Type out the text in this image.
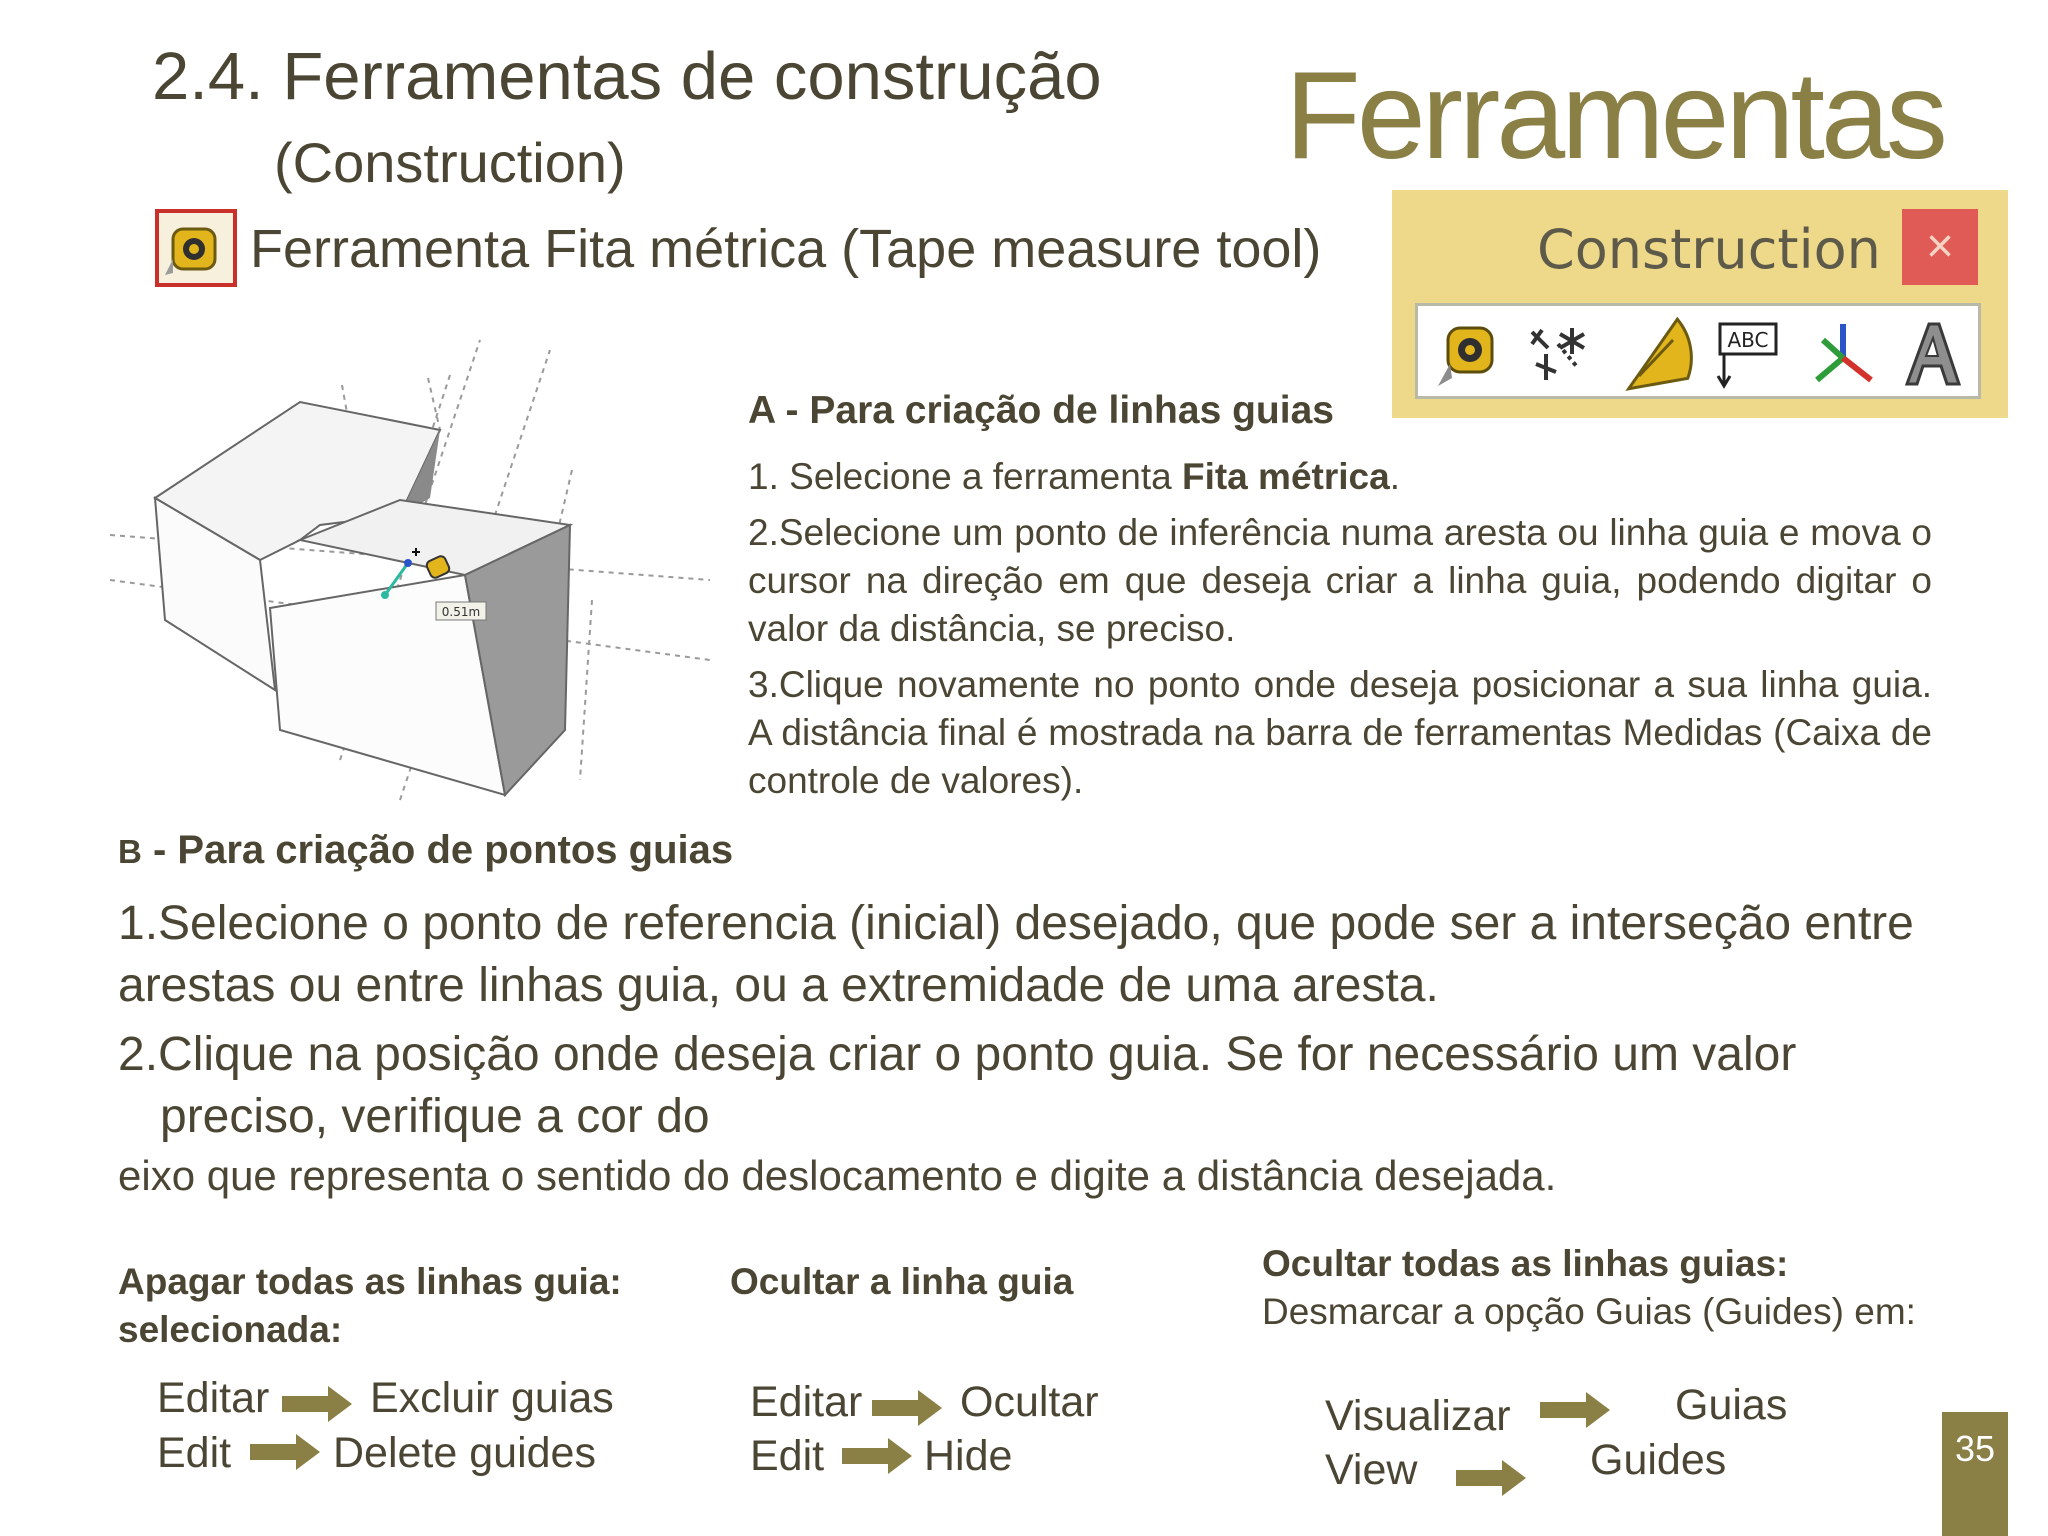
2.4. Ferramentas de construção
(Construction)	Ferramentas
Ferramenta Fita métrica (Tape measure tool)	Construction ×
ABC
0.51m
A - Para criação de linhas guias
1. Selecione a ferramenta Fita métrica.
2.Selecione um ponto de inferência numa aresta ou linha guia e mova o cursor na direção em que deseja criar a linha guia, podendo digitar o valor da distância, se preciso.
3.Clique novamente no ponto onde deseja posicionar a sua linha guia. A distância final é mostrada na barra de ferramentas Medidas (Caixa de controle de valores).
B - Para criação de pontos guias
1.Selecione o ponto de referencia (inicial) desejado, que pode ser a interseção entre arestas ou entre linhas guia, ou a extremidade de uma aresta.
2.Clique na posição onde deseja criar o ponto guia. Se for necessário um valor
preciso, verifique a cor do
eixo que representa o sentido do deslocamento e digite a distância desejada.
Apagar todas as linhas guia:
selecionada:
Editar Excluir guias
Edit Delete guides
Ocultar a linha guia
Editar Ocultar
Edit Hide
Ocultar todas as linhas guias:
Desmarcar a opção Guias (Guides) em:
Visualizar	Guias
View	Guides	35
